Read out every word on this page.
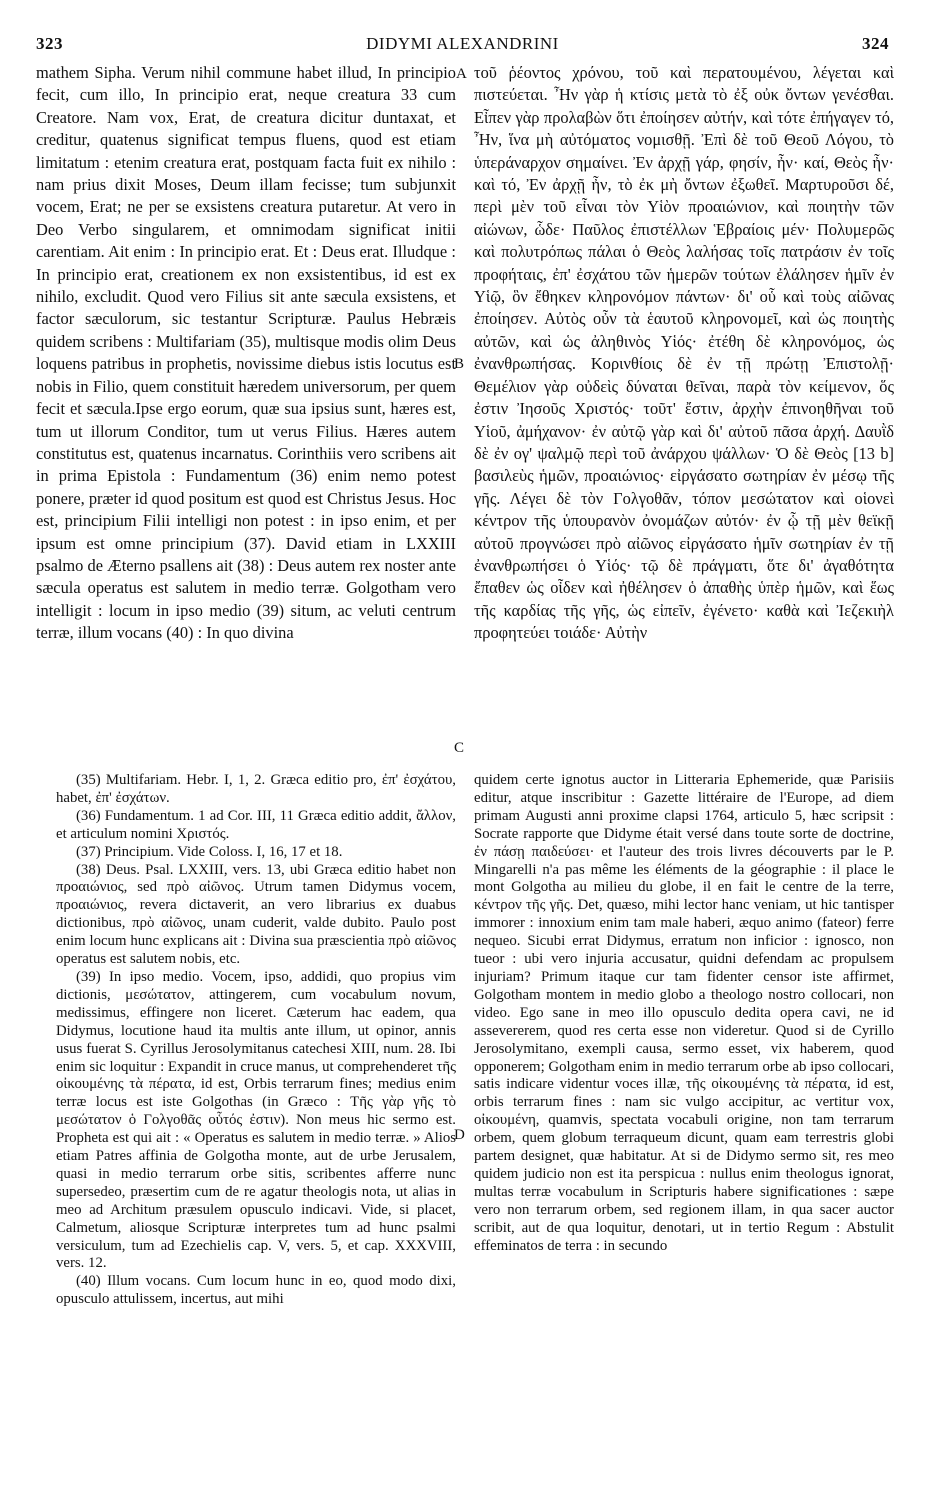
323	DIDYMI ALEXANDRINI	324

mathem Sipha. Verum nihil commune habet illud, In principio fecit, cum illo, In principio erat, neque creatura 33 cum Creatore. Nam vox, Erat, de creatura dicitur duntaxat, et creditur, quatenus significat tempus fluens, quod est etiam limitatum : etenim creatura erat, postquam facta fuit ex nihilo : nam prius dixit Moses, Deum illam fecisse; tum subjunxit vocem, Erat; ne per se exsistens creatura putaretur. At vero in Deo Verbo singularem, et omnimodam significat initii carentiam. Ait enim : In principio erat. Et : Deus erat. Illudque : In principio erat, creationem ex non exsistentibus, id est ex nihilo, excludit. Quod vero Filius sit ante sæcula exsistens, et factor sæculorum, sic testantur Scripturæ. Paulus Hebræis quidem scribens : Multifariam (35), multisque modis olim Deus loquens patribus in prophetis, novissime diebus istis locutus est nobis in Filio, quem constituit hæredem universorum, per quem fecit et sæcula.Ipse ergo eorum, quæ sua ipsius sunt, hæres est, tum ut illorum Conditor, tum ut verus Filius. Hæres autem constitutus est, quatenus incarnatus. Corinthiis vero scribens ait in prima Epistola : Fundamentum (36) enim nemo potest ponere, præter id quod positum est quod est Christus Jesus. Hoc est, principium Filii intelligi non potest : in ipso enim, et per ipsum est omne principium (37). David etiam in LXXIII psalmo de Æterno psallens ait (38) : Deus autem rex noster ante sæcula operatus est salutem in medio terræ. Golgotham vero intelligit : locum in ipso medio (39) situm, ac veluti centrum terræ, illum vocans (40) : In quo divina

τοῦ ῥέοντος χρόνου, τοῦ καὶ περατουμένου, λέγεται καὶ πιστεύεται. Ἦν γὰρ ἡ κτίσις μετὰ τὸ ἐξ οὐκ ὄντων γενέσθαι. Εἶπεν γὰρ προλαβὼν ὅτι ἐποίησεν αὐτήν, καὶ τότε ἐπήγαγεν τό, Ἦν, ἵνα μὴ αὐτόματος νομισθῇ. Ἐπὶ δὲ τοῦ Θεοῦ Λόγου, τὸ ὑπεράναρχον σημαίνει. Ἐν ἀρχῇ γάρ, φησίν, ἦν· καί, Θεὸς ἦν· καὶ τό, Ἐν ἀρχῇ ἦν, τὸ ἐκ μὴ ὄντων ἐξωθεῖ. Μαρτυροῦσι δέ, περὶ μὲν τοῦ εἶναι τὸν Υἱὸν προαιώνιον, καὶ ποιητὴν τῶν αἰώνων, ὧδε· Παῦλος ἐπιστέλλων Ἑβραίοις μέν· Πολυμερῶς καὶ πολυτρόπως πάλαι ὁ Θεὸς λαλήσας τοῖς πατράσιν ἐν τοῖς προφήταις, ἐπ' ἐσχάτου τῶν ἡμερῶν τούτων ἐλάλησεν ἡμῖν ἐν Υἱῷ, ὃν ἔθηκεν κληρονόμον πάντων· δι' οὗ καὶ τοὺς αἰῶνας ἐποίησεν. Αὐτὸς οὖν τὰ ἑαυτοῦ κληρονομεῖ, καὶ ὡς ποιητὴς αὐτῶν, καὶ ὡς ἀληθινὸς Υἱός· ἐτέθη δὲ κληρονόμος, ὡς ἐνανθρωπήσας. Κορινθίοις δὲ ἐν τῇ πρώτῃ Ἐπιστολῇ· Θεμέλιον γὰρ οὐδεὶς δύναται θεῖναι, παρὰ τὸν κείμενον, ὅς ἐστιν Ἰησοῦς Χριστός· τοῦτ' ἔστιν, ἀρχὴν ἐπινοηθῆναι τοῦ Υἱοῦ, ἀμήχανον· ἐν αὐτῷ γὰρ καὶ δι' αὐτοῦ πᾶσα ἀρχή. Δαυῒδ δὲ ἐν ογ' ψαλμῷ περὶ τοῦ ἀνάρχου ψάλλων· Ὁ δὲ Θεὸς [13 b] βασιλεὺς ἡμῶν, προαιώνιος· εἰργάσατο σωτηρίαν ἐν μέσῳ τῆς γῆς. Λέγει δὲ τὸν Γολγοθᾶν, τόπον μεσώτατον καὶ οἱονεὶ κέντρον τῆς ὑπουρανὸν ὀνομάζων αὐτόν· ἐν ᾧ τῇ μὲν θεϊκῇ αὐτοῦ προγνώσει πρὸ αἰῶνος εἰργάσατο ἡμῖν σωτηρίαν ἐν τῇ ἐνανθρωπήσει ὁ Υἱός· τῷ δὲ πράγματι, ὅτε δι' ἀγαθότητα ἔπαθεν ὡς οἶδεν καὶ ἠθέλησεν ὁ ἀπαθὴς ὑπὲρ ἡμῶν, καὶ ἕως τῆς καρδίας τῆς γῆς, ὡς εἰπεῖν, ἐγένετο· καθὰ καὶ Ἰεζεκιὴλ προφητεύει τοιάδε· Αὐτὴν

A
B
C
D

(35) Multifariam. Hebr. I, 1, 2. Græca editio pro, ἐπ' ἐσχάτου, habet, ἐπ' ἐσχάτων.

(36) Fundamentum. 1 ad Cor. III, 11 Græca editio addit, ἄλλον, et articulum nomini Χριστός.

(37) Principium. Vide Coloss. I, 16, 17 et 18.

(38) Deus. Psal. LXXIII, vers. 13, ubi Græca editio habet non προαιώνιος, sed πρὸ αἰῶνος. Utrum tamen Didymus vocem, προαιώνιος, revera dictaverit, an vero librarius ex duabus dictionibus, πρὸ αἰῶνος, unam cuderit, valde dubito. Paulo post enim locum hunc explicans ait : Divina sua præscientia πρὸ αἰῶνος operatus est salutem nobis, etc.

(39) In ipso medio. Vocem, ipso, addidi, quo propius vim dictionis, μεσώτατον, attingerem, cum vocabulum novum, medissimus, effingere non liceret. Cæterum hac eadem, qua Didymus, locutione haud ita multis ante illum, ut opinor, annis usus fuerat S. Cyrillus Jerosolymitanus catechesi XIII, num. 28. Ibi enim sic loquitur : Expandit in cruce manus, ut comprehenderet τῆς οἰκουμένης τὰ πέρατα, id est, Orbis terrarum fines; medius enim terræ locus est iste Golgothas (in Græco : Τῆς γὰρ γῆς τὸ μεσώτατον ὁ Γολγοθᾶς οὗτός ἐστιν). Non meus hic sermo est. Propheta est qui ait : « Operatus es salutem in medio terræ. » Alios etiam Patres affinia de Golgotha monte, aut de urbe Jerusalem, quasi in medio terrarum orbe sitis, scribentes afferre nunc supersedeo, præsertim cum de re agatur theologis nota, ut alias in meo ad Architum præsulem opusculo indicavi. Vide, si placet, Calmetum, aliosque Scripturæ interpretes tum ad hunc psalmi versiculum, tum ad Ezechielis cap. V, vers. 5, et cap. XXXVIII, vers. 12.

(40) Illum vocans. Cum locum hunc in eo, quod modo dixi, opusculo attulissem, incertus, aut mihi

quidem certe ignotus auctor in Litteraria Ephemeride, quæ Parisiis editur, atque inscribitur : Gazette littéraire de l'Europe, ad diem primam Augusti anni proxime clapsi 1764, articulo 5, hæc scripsit : Socrate rapporte que Didyme était versé dans toute sorte de doctrine, ἐν πάσῃ παιδεύσει· et l'auteur des trois livres découverts par le P. Mingarelli n'a pas même les éléments de la géographie : il place le mont Golgotha au milieu du globe, il en fait le centre de la terre, κέντρον τῆς γῆς. Det, quæso, mihi lector hanc veniam, ut hic tantisper immorer : innoxium enim tam male haberi, æquo animo (fateor) ferre nequeo. Sicubi errat Didymus, erratum non inficior : ignosco, non tueor : ubi vero injuria accusatur, quidni defendam ac propulsem injuriam? Primum itaque cur tam fidenter censor iste affirmet, Golgotham montem in medio globo a theologo nostro collocari, non video. Ego sane in meo illo opusculo dedita opera cavi, ne id assevererem, quod res certa esse non videretur. Quod si de Cyrillo Jerosolymitano, exempli causa, sermo esset, vix haberem, quod opponerem; Golgotham enim in medio terrarum orbe ab ipso collocari, satis indicare videntur voces illæ, τῆς οἰκουμένης τὰ πέρατα, id est, orbis terrarum fines : nam sic vulgo accipitur, ac vertitur vox, οἰκουμένη, quamvis, spectata vocabuli origine, non tam terrarum orbem, quem globum terraqueum dicunt, quam eam terrestris globi partem designet, quæ habitatur. At si de Didymo sermo sit, res meo quidem judicio non est ita perspicua : nullus enim theologus ignorat, multas terræ vocabulum in Scripturis habere significationes : sæpe vero non terrarum orbem, sed regionem illam, in qua sacer auctor scribit, aut de qua loquitur, denotari, ut in tertio Regum : Abstulit effeminatos de terra : in secundo
